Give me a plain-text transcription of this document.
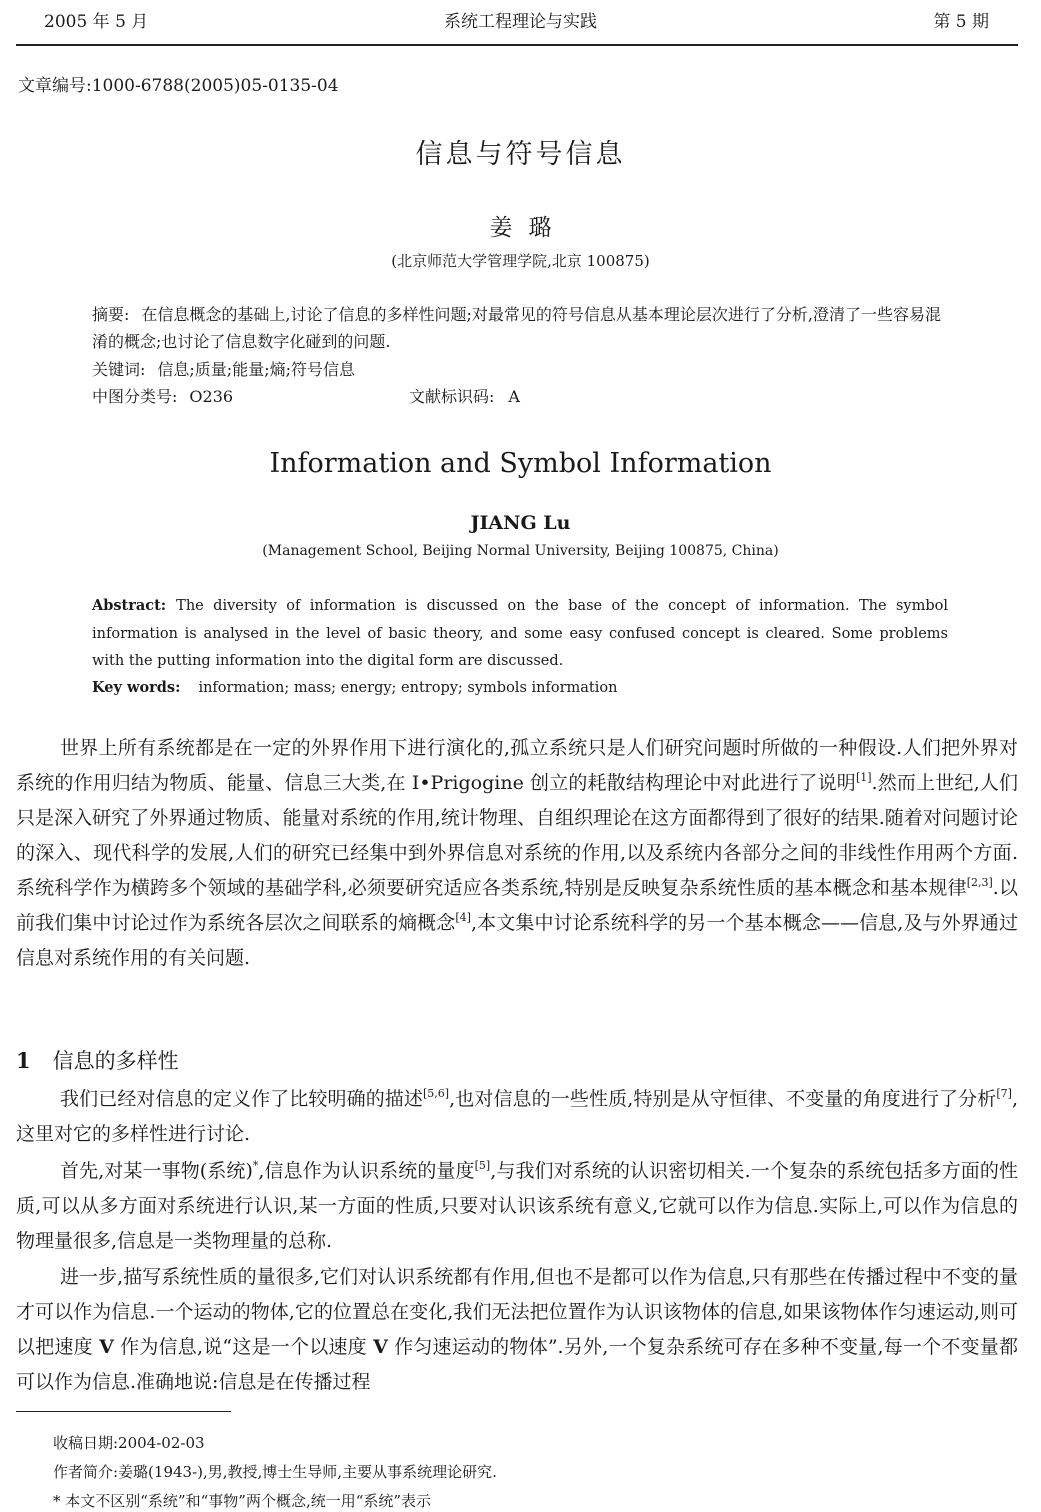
2005 年 5 月	系统工程理论与实践	第 5 期
文章编号:1000-6788(2005)05-0135-04
信息与符号信息
姜璐
(北京师范大学管理学院,北京 100875)
摘要: 在信息概念的基础上,讨论了信息的多样性问题;对最常见的符号信息从基本理论层次进行了分析,澄清了一些容易混淆的概念;也讨论了信息数字化碰到的问题.
关键词: 信息;质量;能量;熵;符号信息
中图分类号: O236	文献标识码: A
Information and Symbol Information
JIANG Lu
(Management School, Beijing Normal University, Beijing 100875, China)
Abstract: The diversity of information is discussed on the base of the concept of information. The symbol information is analysed in the level of basic theory, and some easy confused concept is cleared. Some problems with the putting information into the digital form are discussed.
Key words: information; mass; energy; entropy; symbols information
世界上所有系统都是在一定的外界作用下进行演化的,孤立系统只是人们研究问题时所做的一种假设.人们把外界对系统的作用归结为物质、能量、信息三大类,在 I•Prigogine 创立的耗散结构理论中对此进行了说明[1].然而上世纪,人们只是深入研究了外界通过物质、能量对系统的作用,统计物理、自组织理论在这方面都得到了很好的结果.随着对问题讨论的深入、现代科学的发展,人们的研究已经集中到外界信息对系统的作用,以及系统内各部分之间的非线性作用两个方面.系统科学作为横跨多个领域的基础学科,必须要研究适应各类系统,特别是反映复杂系统性质的基本概念和基本规律[2,3].以前我们集中讨论过作为系统各层次之间联系的熵概念[4],本文集中讨论系统科学的另一个基本概念——信息,及与外界通过信息对系统作用的有关问题.
1 信息的多样性
我们已经对信息的定义作了比较明确的描述[5,6],也对信息的一些性质,特别是从守恒律、不变量的角度进行了分析[7],这里对它的多样性进行讨论.
首先,对某一事物(系统)*,信息作为认识系统的量度[5],与我们对系统的认识密切相关.一个复杂的系统包括多方面的性质,可以从多方面对系统进行认识,某一方面的性质,只要对认识该系统有意义,它就可以作为信息.实际上,可以作为信息的物理量很多,信息是一类物理量的总称.
进一步,描写系统性质的量很多,它们对认识系统都有作用,但也不是都可以作为信息,只有那些在传播过程中不变的量才可以作为信息.一个运动的物体,它的位置总在变化,我们无法把位置作为认识该物体的信息,如果该物体作匀速运动,则可以把速度 V 作为信息,说“这是一个以速度 V 作匀速运动的物体”.另外,一个复杂系统可存在多种不变量,每一个不变量都可以作为信息.准确地说:信息是在传播过程
收稿日期:2004-02-03
作者简介:姜璐(1943-),男,教授,博士生导师,主要从事系统理论研究.
* 本文不区别“系统”和“事物”两个概念,统一用“系统”表示
